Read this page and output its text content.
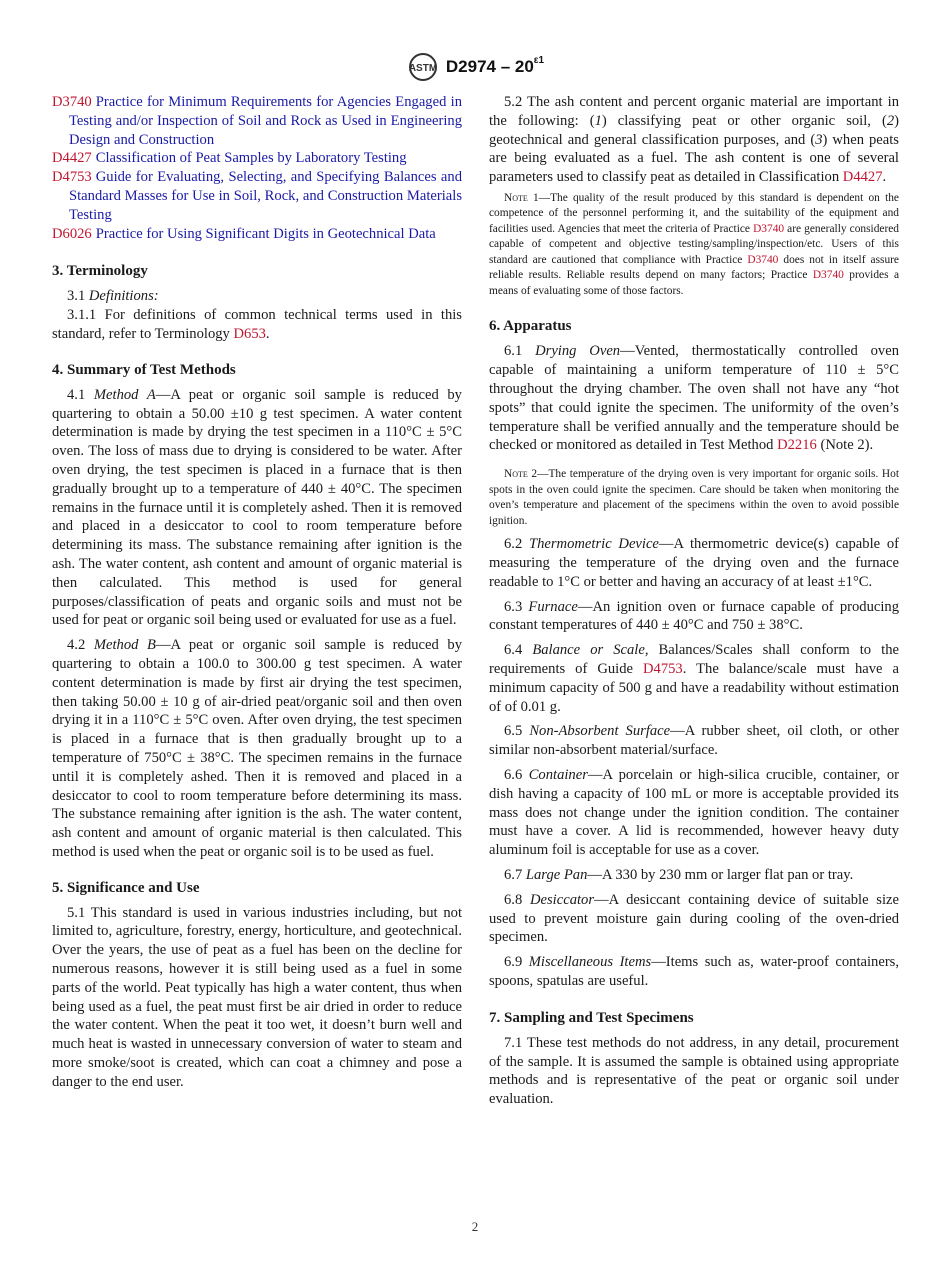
ASTM $D2974 - 20^{\varepsilon 1}$

D3740 Practice for Minimum Requirements for Agencies Engaged in Testing and/or Inspection of Soil and Rock as Used in Engineering Design and Construction

D4427 Classification of Peat Samples by Laboratory Testing

D4753 Guide for Evaluating, Selecting, and Specifying Balances and Standard Masses for Use in Soil, Rock, and Construction Materials Testing

D6026 Practice for Using Significant Digits in Geotechnical Data

3. Terminology

3.1 Definitions:

3.1.1 For definitions of common technical terms used in this standard, refer to Terminology D653.

4. Summary of Test Methods

4.1 Method A—A peat or organic soil sample is reduced by quartering to obtain a 50.00 ±10 g test specimen. A water content determination is made by drying the test specimen in a 110°C ± 5°C oven. The loss of mass due to drying is considered to be water. After oven drying, the test specimen is placed in a furnace that is then gradually brought up to a temperature of 440 ± 40°C. The specimen remains in the furnace until it is completely ashed. Then it is removed and placed in a desiccator to cool to room temperature before determining its mass. The substance remaining after ignition is the ash. The water content, ash content and amount of organic material is then calculated. This method is used for general purposes/classification of peats and organic soils and must not be used for peat or organic soil being used or evaluated for use as a fuel.

4.2 Method B—A peat or organic soil sample is reduced by quartering to obtain a 100.0 to 300.00 g test specimen. A water content determination is made by first air drying the test specimen, then taking 50.00 ± 10 g of air-dried peat/organic soil and then oven drying it in a 110°C ± 5°C oven. After oven drying, the test specimen is placed in a furnace that is then gradually brought up to a temperature of 750°C ± 38°C. The specimen remains in the furnace until it is completely ashed. Then it is removed and placed in a desiccator to cool to room temperature before determining its mass. The substance remaining after ignition is the ash. The water content, ash content and amount of organic material is then calculated. This method is used when the peat or organic soil is to be used as fuel.

5. Significance and Use

5.1 This standard is used in various industries including, but not limited to, agriculture, forestry, energy, horticulture, and geotechnical. Over the years, the use of peat as a fuel has been on the decline for numerous reasons, however it is still being used as a fuel in some parts of the world. Peat typically has high a water content, thus when being used as a fuel, the peat must first be air dried in order to reduce the water content. When the peat it too wet, it doesn’t burn well and much heat is wasted in unnecessary conversion of water to steam and more smoke/soot is created, which can coat a chimney and pose a danger to the end user.

5.2 The ash content and percent organic material are important in the following: (1) classifying peat or other organic soil, (2) geotechnical and general classification purposes, and (3) when peats are being evaluated as a fuel. The ash content is one of several parameters used to classify peat as detailed in Classification D4427.

Note 1—The quality of the result produced by this standard is dependent on the competence of the personnel performing it, and the suitability of the equipment and facilities used. Agencies that meet the criteria of Practice D3740 are generally considered capable of competent and objective testing/sampling/inspection/etc. Users of this standard are cautioned that compliance with Practice D3740 does not in itself assure reliable results. Reliable results depend on many factors; Practice D3740 provides a means of evaluating some of those factors.

6. Apparatus

6.1 Drying Oven—Vented, thermostatically controlled oven capable of maintaining a uniform temperature of 110 ± 5°C throughout the drying chamber. The oven shall not have any “hot spots” that could ignite the specimen. The uniformity of the oven’s temperature shall be verified annually and the temperature should be checked or monitored as detailed in Test Method D2216 (Note 2).

Note 2—The temperature of the drying oven is very important for organic soils. Hot spots in the oven could ignite the specimen. Care should be taken when monitoring the oven’s temperature and placement of the specimens within the oven to avoid possible ignition.

6.2 Thermometric Device—A thermometric device(s) capable of measuring the temperature of the drying oven and the furnace readable to 1°C or better and having an accuracy of at least ±1°C.

6.3 Furnace—An ignition oven or furnace capable of producing constant temperatures of 440 ± 40°C and 750 ± 38°C.

6.4 Balance or Scale, Balances/Scales shall conform to the requirements of Guide D4753. The balance/scale must have a minimum capacity of 500 g and have a readability without estimation of of 0.01 g.

6.5 Non-Absorbent Surface—A rubber sheet, oil cloth, or other similar non-absorbent material/surface.

6.6 Container—A porcelain or high-silica crucible, container, or dish having a capacity of 100 mL or more is acceptable provided its mass does not change under the ignition condition. The container must have a cover. A lid is recommended, however heavy duty aluminum foil is acceptable for use as a cover.

6.7 Large Pan—A 330 by 230 mm or larger flat pan or tray.

6.8 Desiccator—A desiccant containing device of suitable size used to prevent moisture gain during cooling of the oven-dried specimen.

6.9 Miscellaneous Items—Items such as, water-proof containers, spoons, spatulas are useful.

7. Sampling and Test Specimens

7.1 These test methods do not address, in any detail, procurement of the sample. It is assumed the sample is obtained using appropriate methods and is representative of the peat or organic soil under evaluation.

2
